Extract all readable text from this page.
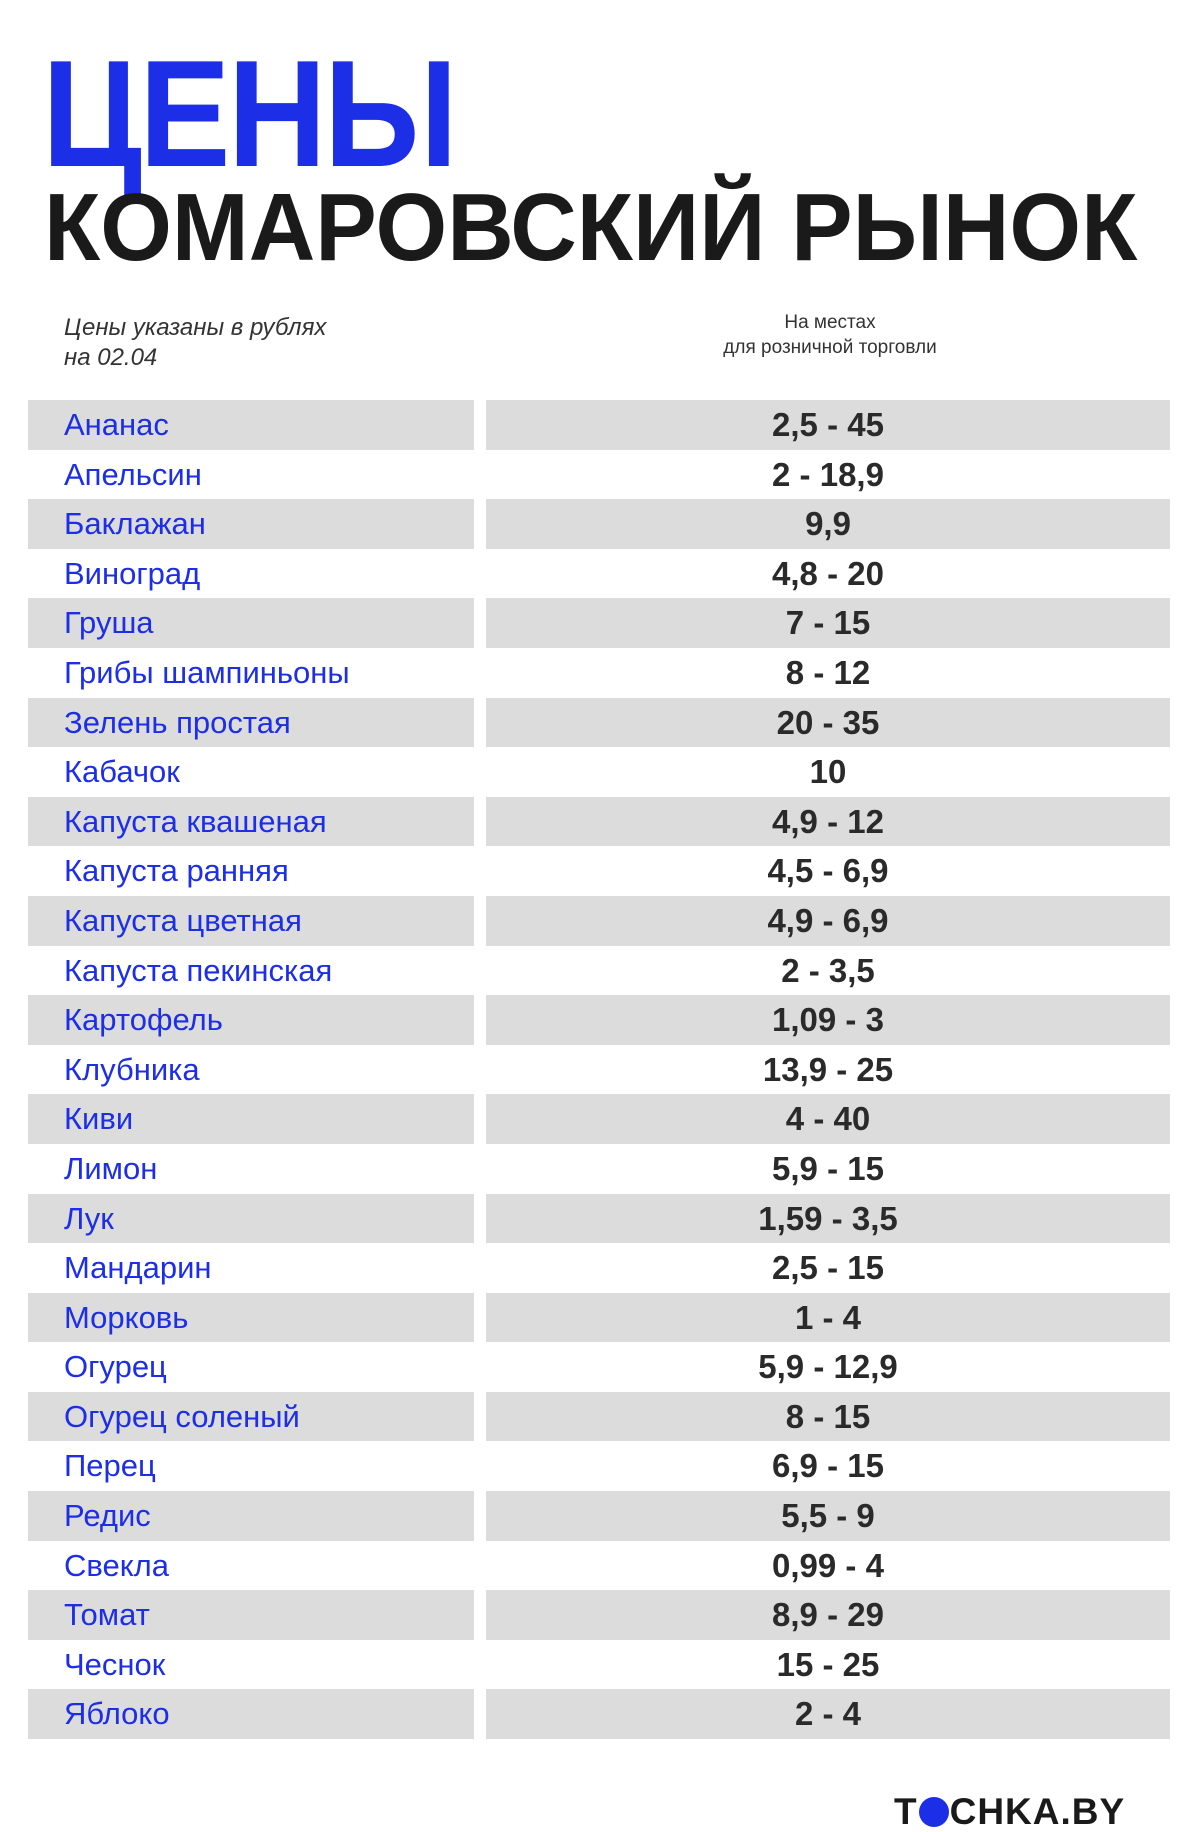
ЦЕНЫ
КОМАРОВСКИЙ РЫНОК
Цены указаны в рублях
на 02.04
На местах
для розничной торговли
Ананас	2,5 - 45
Апельсин	2 - 18,9
Баклажан	9,9
Виноград	4,8 - 20
Груша	7 - 15
Грибы шампиньоны	8 - 12
Зелень простая	20 - 35
Кабачок	10
Капуста квашеная	4,9 - 12
Капуста ранняя	4,5 - 6,9
Капуста цветная	4,9 - 6,9
Капуста пекинская	2 - 3,5
Картофель	1,09 - 3
Клубника	13,9 - 25
Киви	4 - 40
Лимон	5,9 - 15
Лук	1,59 - 3,5
Мандарин	2,5 - 15
Морковь	1 - 4
Огурец	5,9 - 12,9
Огурец соленый	8 - 15
Перец	6,9 - 15
Редис	5,5 - 9
Свекла	0,99 - 4
Томат	8,9 - 29
Чеснок	15 - 25
Яблоко	2 - 4
T CHKA.BY
